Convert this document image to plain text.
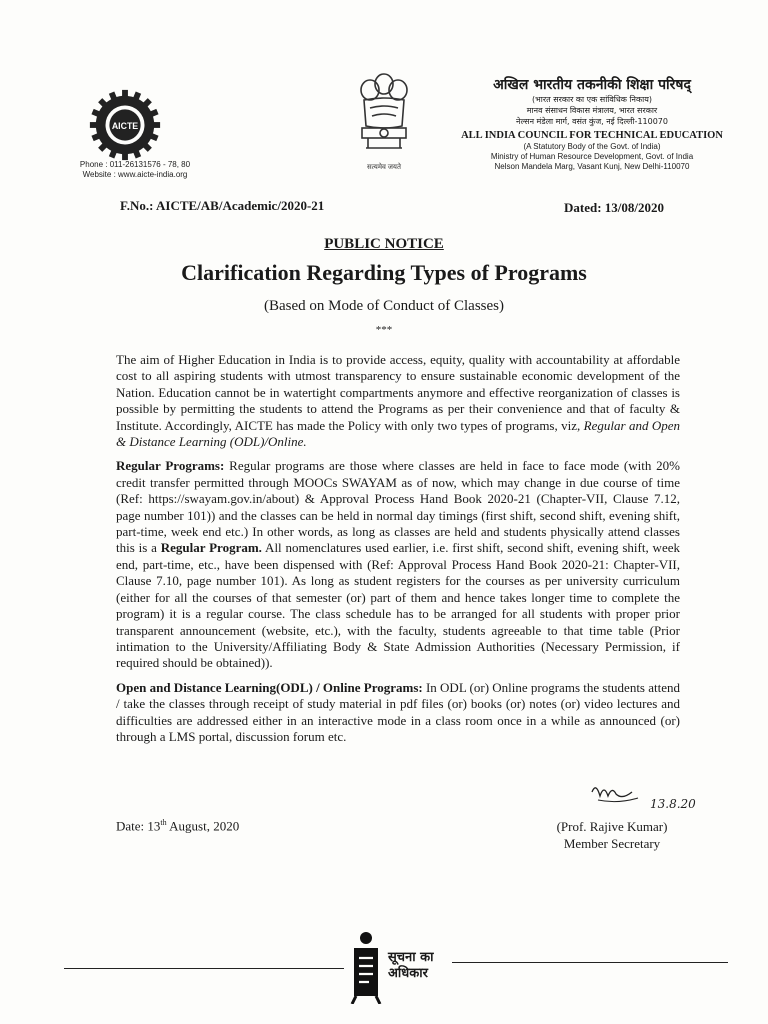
AICTE
Phone : 011-26131576 - 78, 80
Website : www.aicte-india.org
सत्यमेव जयते
अखिल भारतीय तकनीकी शिक्षा परिषद्
(भारत सरकार का एक सांविधिक निकाय)
मानव संसाधन विकास मंत्रालय, भारत सरकार
नेल्सन मंडेला मार्ग, वसंत कुंज, नई दिल्ली-110070
ALL INDIA COUNCIL FOR TECHNICAL EDUCATION
(A Statutory Body of the Govt. of India)
Ministry of Human Resource Development, Govt. of India
Nelson Mandela Marg, Vasant Kunj, New Delhi-110070
F.No.: AICTE/AB/Academic/2020-21	Dated: 13/08/2020
PUBLIC NOTICE
Clarification Regarding Types of Programs
(Based on Mode of Conduct of Classes)
***

The aim of Higher Education in India is to provide access, equity, quality with accountability at affordable cost to all aspiring students with utmost transparency to ensure sustainable economic development of the Nation. Education cannot be in watertight compartments anymore and effective reorganization of classes is possible by permitting the students to attend the Programs as per their convenience and that of faculty & Institute. Accordingly, AICTE has made the Policy with only two types of programs, viz, Regular and Open & Distance Learning (ODL)/Online.

Regular Programs: Regular programs are those where classes are held in face to face mode (with 20% credit transfer permitted through MOOCs SWAYAM as of now, which may change in due course of time (Ref: https://swayam.gov.in/about) & Approval Process Hand Book 2020-21 (Chapter-VII, Clause 7.12, page number 101)) and the classes can be held in normal day timings (first shift, second shift, evening shift, part-time, week end etc.) In other words, as long as classes are held and students physically attend classes this is a Regular Program. All nomenclatures used earlier, i.e. first shift, second shift, evening shift, week end, part-time, etc., have been dispensed with (Ref: Approval Process Hand Book 2020-21: Chapter-VII, Clause 7.10, page number 101). As long as student registers for the courses as per university curriculum (either for all the courses of that semester (or) part of them and hence takes longer time to complete the program) it is a regular course. The class schedule has to be arranged for all students with proper prior transparent announcement (website, etc.), with the faculty, students agreeable to that time table (Prior intimation to the University/Affiliating Body & State Admission Authorities (Necessary Permission, if required should be obtained)).

Open and Distance Learning(ODL) / Online Programs: In ODL (or) Online programs the students attend / take the classes through receipt of study material in pdf files (or) books (or) notes (or) video lectures and difficulties are addressed either in an interactive mode in a class room once in a while as announced (or) through a LMS portal, discussion forum etc.

13.8.20
Date: 13th August, 2020	(Prof. Rajive Kumar)
Member Secretary
सूचना का
अधिकार
